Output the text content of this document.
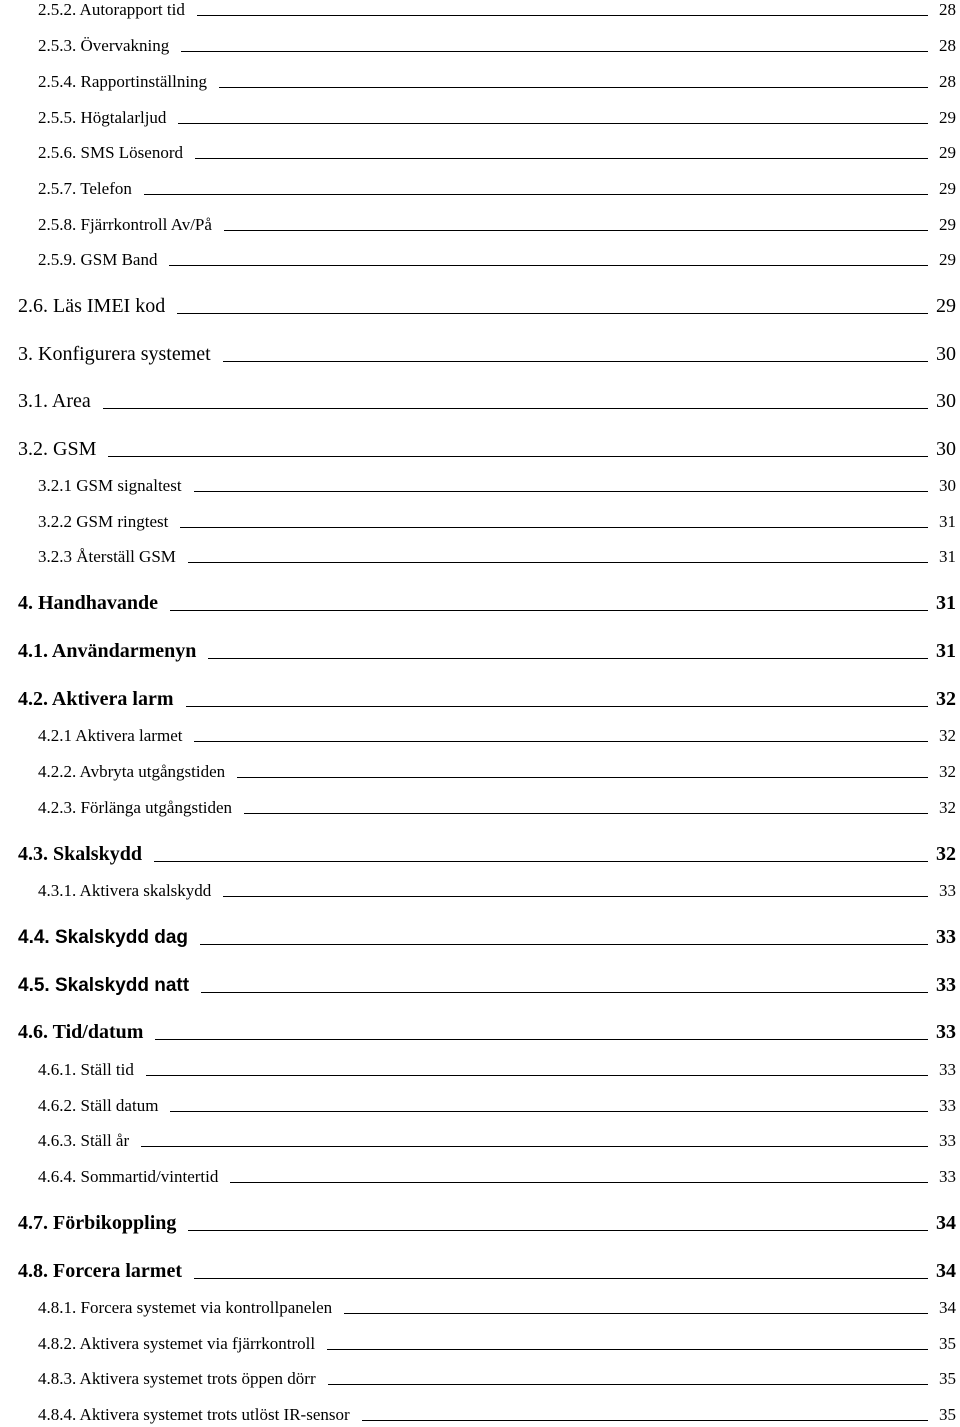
2.5.2. Autorapport tid	28
2.5.3. Övervakning	28
2.5.4. Rapportinställning	28
2.5.5. Högtalarljud	29
2.5.6. SMS Lösenord	29
2.5.7. Telefon	29
2.5.8. Fjärrkontroll Av/På	29
2.5.9. GSM Band	29
2.6. Läs IMEI kod	29
3. Konfigurera systemet	30
3.1. Area	30
3.2. GSM	30
3.2.1 GSM signaltest	30
3.2.2 GSM ringtest	31
3.2.3 Återställ GSM	31
4. Handhavande	31
4.1. Användarmenyn	31
4.2. Aktivera larm	32
4.2.1 Aktivera larmet	32
4.2.2. Avbryta utgångstiden	32
4.2.3. Förlänga utgångstiden	32
4.3. Skalskydd	32
4.3.1. Aktivera skalskydd	33
4.4. Skalskydd dag	33
4.5. Skalskydd natt	33
4.6. Tid/datum	33
4.6.1. Ställ tid	33
4.6.2. Ställ datum	33
4.6.3. Ställ år	33
4.6.4. Sommartid/vintertid	33
4.7. Förbikoppling	34
4.8. Forcera larmet	34
4.8.1. Forcera systemet via kontrollpanelen	34
4.8.2. Aktivera systemet via fjärrkontroll	35
4.8.3. Aktivera systemet trots öppen dörr	35
4.8.4. Aktivera systemet trots utlöst IR-sensor	35
